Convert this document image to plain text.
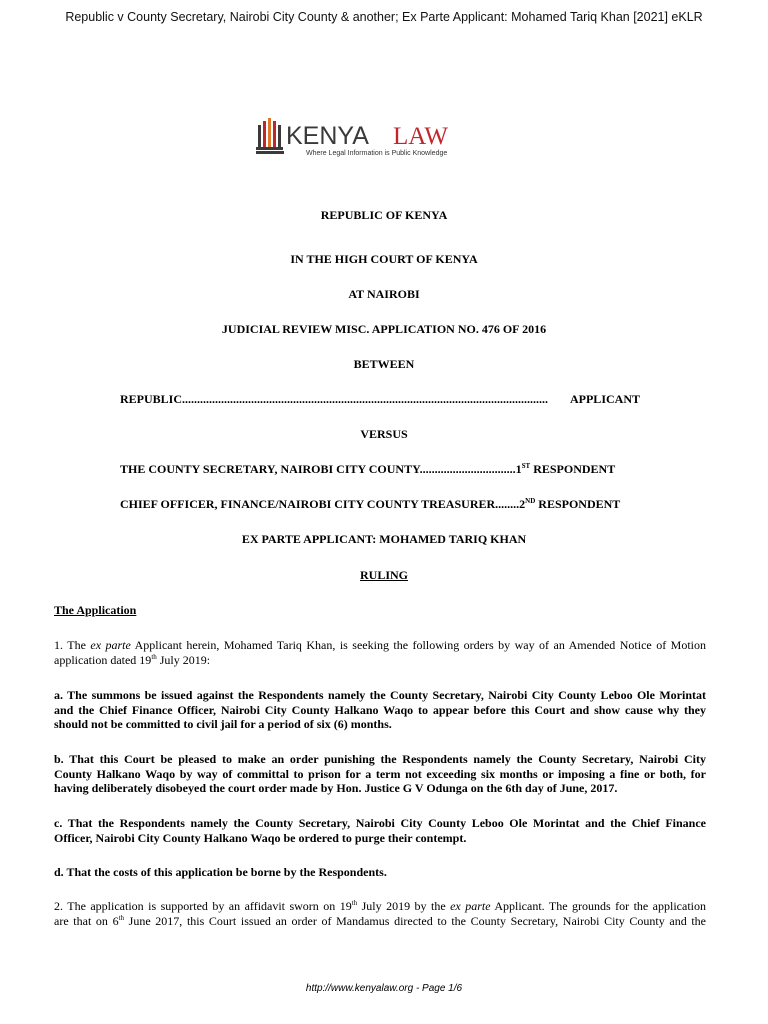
Republic v County Secretary, Nairobi City County & another; Ex Parte Applicant: Mohamed Tariq Khan [2021] eKLR
KENYA LAW
Where Legal Information is Public Knowledge
REPUBLIC OF KENYA
IN THE HIGH COURT OF KENYA
AT NAIROBI
JUDICIAL REVIEW MISC. APPLICATION NO. 476 OF 2016
BETWEEN
REPUBLIC.......................................................................................................................... APPLICANT
VERSUS
THE COUNTY SECRETARY, NAIROBI CITY COUNTY................................1ST RESPONDENT
CHIEF OFFICER, FINANCE/NAIROBI CITY COUNTY TREASURER........2ND RESPONDENT
EX PARTE APPLICANT: MOHAMED TARIQ KHAN
RULING
The Application
1. The ex parte Applicant herein, Mohamed Tariq Khan, is seeking the following orders by way of an Amended Notice of Motion
application dated 19th July 2019:
a. The summons be issued against the Respondents namely the County Secretary, Nairobi City County Leboo Ole Morintat
and the Chief Finance Officer, Nairobi City County Halkano Waqo to appear before this Court and show cause why they
should not be committed to civil jail for a period of six (6) months.
b. That this Court be pleased to make an order punishing the Respondents namely the County Secretary, Nairobi City
County Halkano Waqo by way of committal to prison for a term not exceeding six months or imposing a fine or both, for
having deliberately disobeyed the court order made by Hon. Justice G V Odunga on the 6th day of June, 2017.
c. That the Respondents namely the County Secretary, Nairobi City County Leboo Ole Morintat and the Chief Finance
Officer, Nairobi City County Halkano Waqo be ordered to purge their contempt.
d. That the costs of this application be borne by the Respondents.
2. The application is supported by an affidavit sworn on 19th July 2019 by the ex parte Applicant. The grounds for the application
are that on 6th June 2017, this Court issued an order of Mandamus directed to the County Secretary, Nairobi City County and the
http://www.kenyalaw.org - Page 1/6
